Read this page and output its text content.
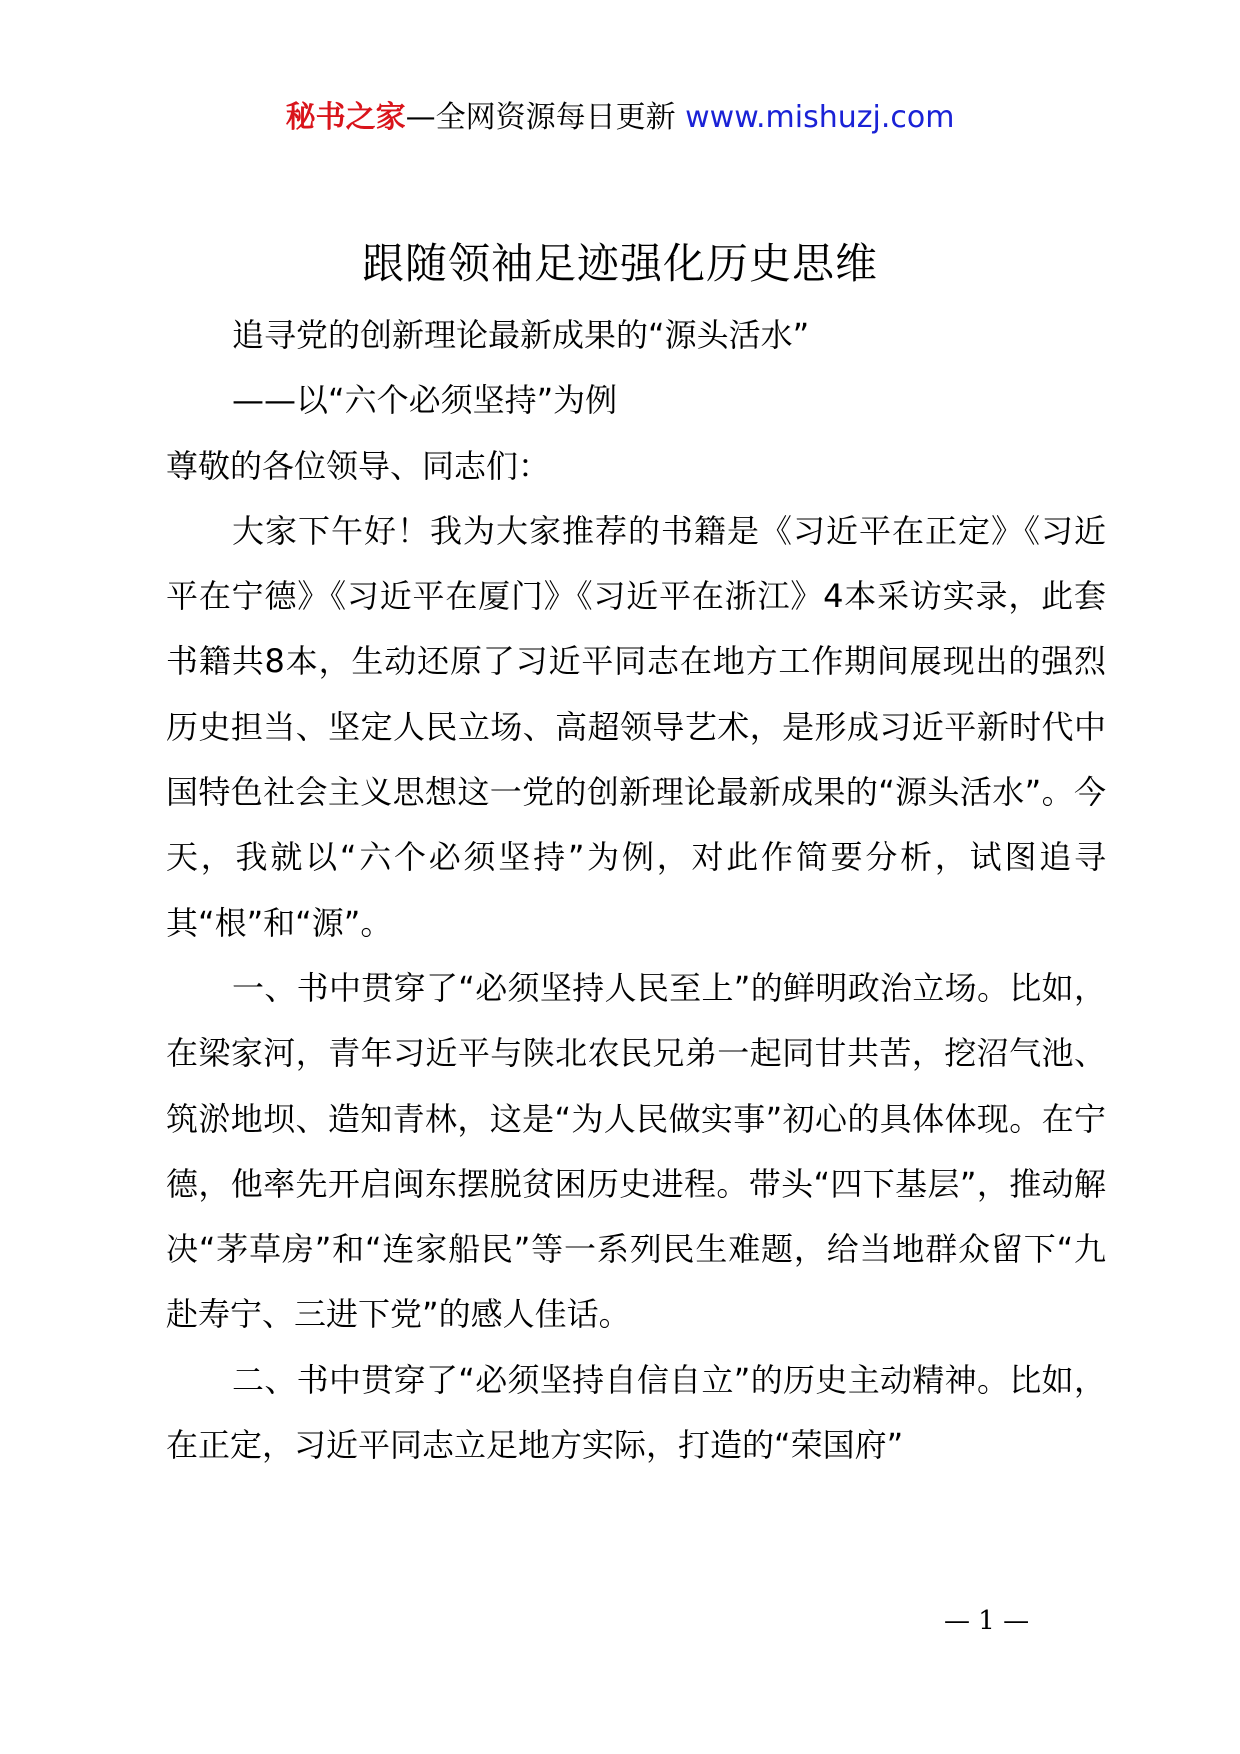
秘书之家—全网资源每日更新 www.mishuzj.com
跟随领袖足迹强化历史思维

追寻党的创新理论最新成果的“源头活水”

——以“六个必须坚持”为例

尊敬的各位领导、同志们：

大家下午好！我为大家推荐的书籍是《习近平在正定》《习近平在宁德》《习近平在厦门》《习近平在浙江》4本采访实录，此套书籍共8本，生动还原了习近平同志在地方工作期间展现出的强烈历史担当、坚定人民立场、高超领导艺术，是形成习近平新时代中国特色社会主义思想这一党的创新理论最新成果的“源头活水”。今天，我就以“六个必须坚持”为例，对此作简要分析，试图追寻其“根”和“源”。

一、书中贯穿了“必须坚持人民至上”的鲜明政治立场。比如，在梁家河，青年习近平与陕北农民兄弟一起同甘共苦，挖沼气池、筑淤地坝、造知青林，这是“为人民做实事”初心的具体体现。在宁德，他率先开启闽东摆脱贫困历史进程。带头“四下基层”，推动解决“茅草房”和“连家船民”等一系列民生难题，给当地群众留下“九赴寿宁、三进下党”的感人佳话。

二、书中贯穿了“必须坚持自信自立”的历史主动精神。比如，在正定，习近平同志立足地方实际，打造的“荣国府”

— 1 —
